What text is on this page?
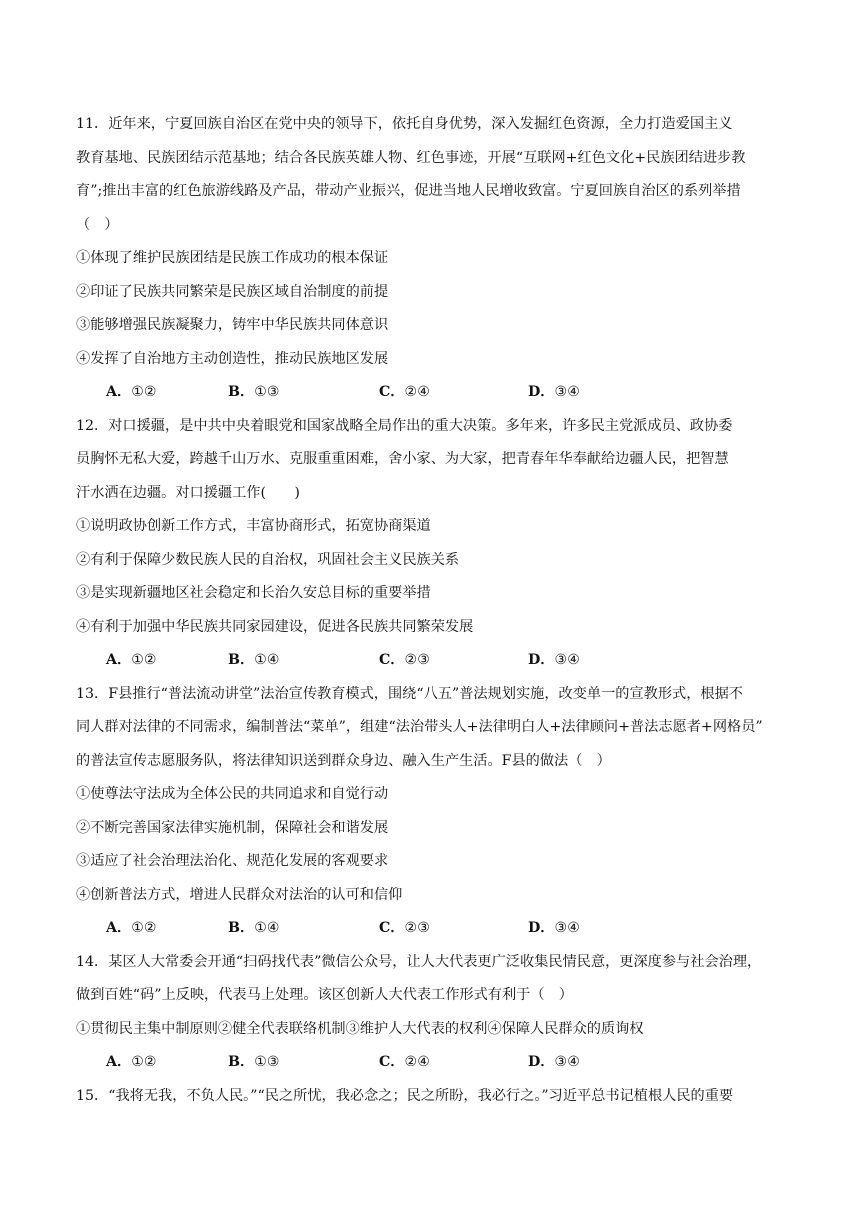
11．近年来，宁夏回族自治区在党中央的领导下，依托自身优势，深入发掘红色资源，全力打造爱国主义
教育基地、民族团结示范基地；结合各民族英雄人物、红色事迹，开展“互联网+红色文化+民族团结进步教
育”;推出丰富的红色旅游线路及产品，带动产业振兴，促进当地人民增收致富。宁夏回族自治区的系列举措
（　）
①体现了维护民族团结是民族工作成功的根本保证
②印证了民族共同繁荣是民族区域自治制度的前提
③能够增强民族凝聚力，铸牢中华民族共同体意识
④发挥了自治地方主动创造性，推动民族地区发展
A．①②	B．①③	C．②④	D．③④
12．对口援疆，是中共中央着眼党和国家战略全局作出的重大决策。多年来，许多民主党派成员、政协委
员胸怀无私大爱，跨越千山万水、克服重重困难，舍小家、为大家，把青春年华奉献给边疆人民，把智慧
汗水洒在边疆。对口援疆工作(　　)
①说明政协创新工作方式，丰富协商形式，拓宽协商渠道
②有利于保障少数民族人民的自治权，巩固社会主义民族关系
③是实现新疆地区社会稳定和长治久安总目标的重要举措
④有利于加强中华民族共同家园建设，促进各民族共同繁荣发展
A．①②	B．①④	C．②③	D．③④
13．F县推行“普法流动讲堂”法治宣传教育模式，围绕“八五”普法规划实施，改变单一的宣教形式，根据不
同人群对法律的不同需求，编制普法“菜单”，组建“法治带头人+法律明白人+法律顾问+普法志愿者+网格员”
的普法宣传志愿服务队，将法律知识送到群众身边、融入生产生活。F县的做法（　）
①使尊法守法成为全体公民的共同追求和自觉行动
②不断完善国家法律实施机制，保障社会和谐发展
③适应了社会治理法治化、规范化发展的客观要求
④创新普法方式，增进人民群众对法治的认可和信仰
A．①②	B．①④	C．②③	D．③④
14．某区人大常委会开通“扫码找代表”微信公众号，让人大代表更广泛收集民情民意，更深度参与社会治理，
做到百姓“码”上反映，代表马上处理。该区创新人大代表工作形式有利于（　）
①贯彻民主集中制原则②健全代表联络机制③维护人大代表的权利④保障人民群众的质询权
A．①②	B．①③	C．②④	D．③④
15．“我将无我，不负人民。”“民之所忧，我必念之；民之所盼，我必行之。”习近平总书记植根人民的重要
